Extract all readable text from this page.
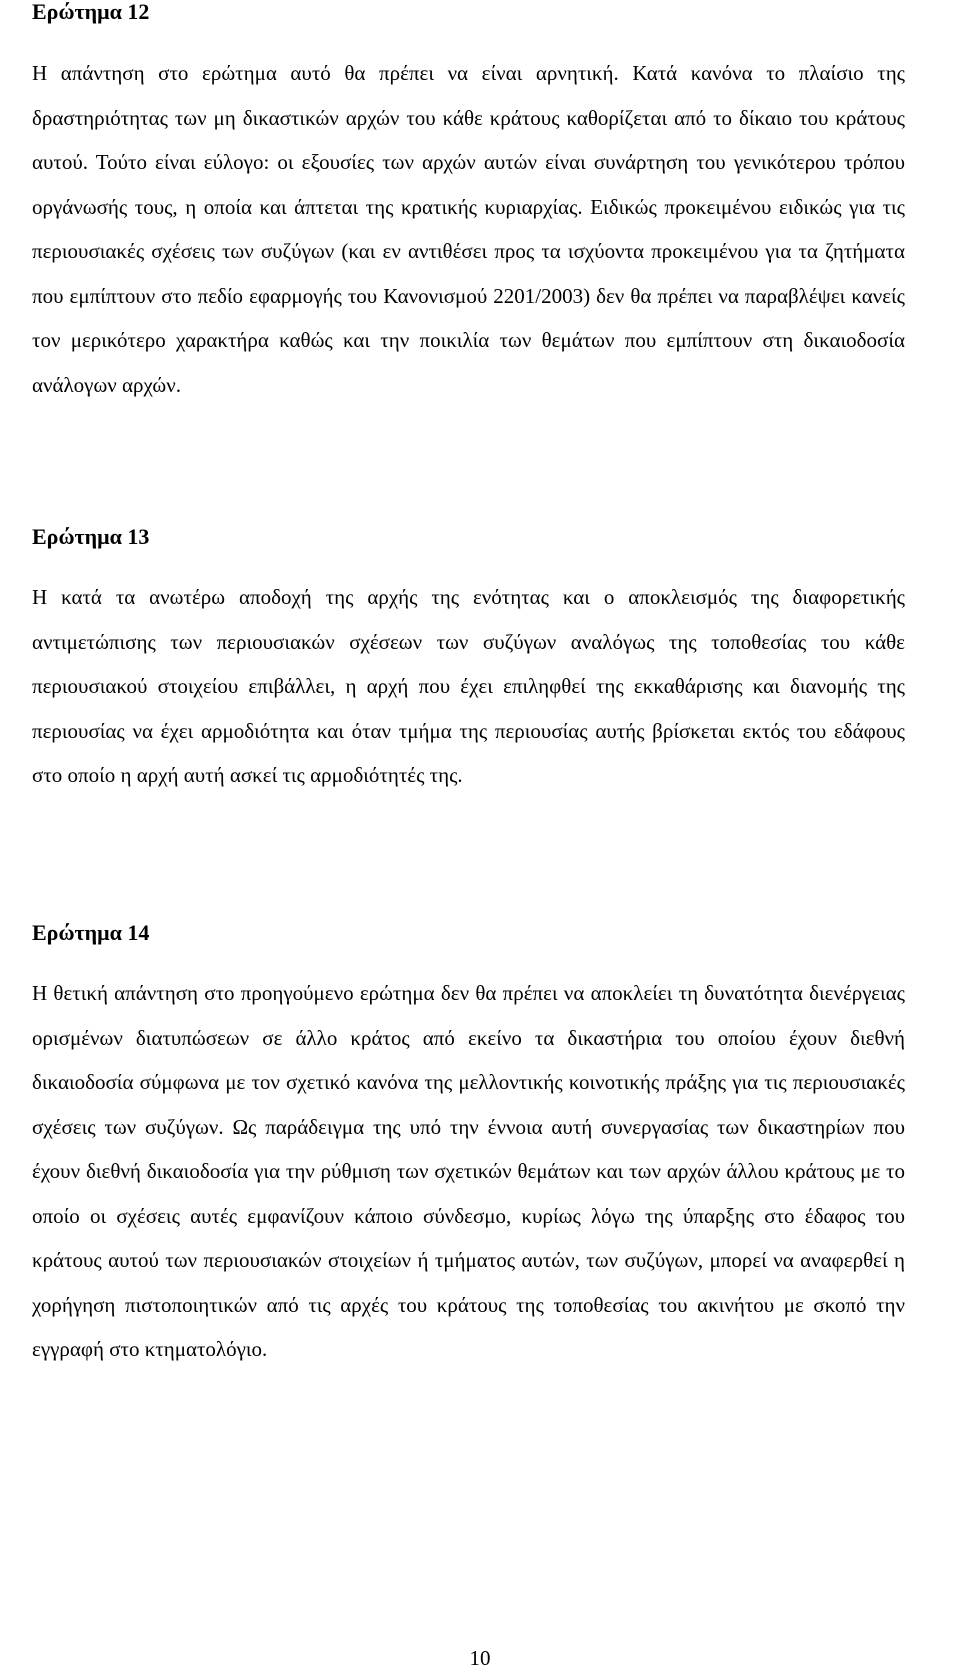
Ερώτημα 12

Η απάντηση στο ερώτημα αυτό θα πρέπει να είναι αρνητική. Κατά κανόνα το πλαίσιο της δραστηριότητας των μη δικαστικών αρχών του κάθε κράτους καθορίζεται από το δίκαιο του κράτους αυτού. Τούτο είναι εύλογο: οι εξουσίες των αρχών αυτών είναι συνάρτηση του γενικότερου τρόπου οργάνωσής τους, η οποία και άπτεται της κρατικής κυριαρχίας. Ειδικώς προκειμένου ειδικώς για τις περιουσιακές σχέσεις των συζύγων (και εν αντιθέσει προς τα ισχύοντα προκειμένου για τα ζητήματα που εμπίπτουν στο πεδίο εφαρμογής του Κανονισμού 2201/2003) δεν θα πρέπει να παραβλέψει κανείς τον μερικότερο χαρακτήρα καθώς και την ποικιλία των θεμάτων που εμπίπτουν στη δικαιοδοσία ανάλογων αρχών.

Ερώτημα 13

Η κατά τα ανωτέρω αποδοχή της αρχής της ενότητας και ο αποκλεισμός της διαφορετικής αντιμετώπισης των περιουσιακών σχέσεων των συζύγων αναλόγως της τοποθεσίας του κάθε περιουσιακού στοιχείου επιβάλλει, η αρχή που έχει επιληφθεί της εκκαθάρισης και διανομής της περιουσίας να έχει αρμοδιότητα και όταν τμήμα της περιουσίας αυτής βρίσκεται εκτός του εδάφους στο οποίο η αρχή αυτή ασκεί τις αρμοδιότητές της.

Ερώτημα 14

Η θετική απάντηση στο προηγούμενο ερώτημα δεν θα πρέπει να αποκλείει τη δυνατότητα διενέργειας ορισμένων διατυπώσεων σε άλλο κράτος από εκείνο τα δικαστήρια του οποίου έχουν διεθνή δικαιοδοσία σύμφωνα με τον σχετικό κανόνα της μελλοντικής κοινοτικής πράξης για τις περιουσιακές σχέσεις των συζύγων. Ως παράδειγμα της υπό την έννοια αυτή συνεργασίας των δικαστηρίων που έχουν διεθνή δικαιοδοσία για την ρύθμιση των σχετικών θεμάτων και των αρχών άλλου κράτους με το οποίο οι σχέσεις αυτές εμφανίζουν κάποιο σύνδεσμο, κυρίως λόγω της ύπαρξης στο έδαφος του κράτους αυτού των περιουσιακών στοιχείων ή τμήματος αυτών, των συζύγων, μπορεί να αναφερθεί η χορήγηση πιστοποιητικών από τις αρχές του κράτους της τοποθεσίας του ακινήτου με σκοπό την εγγραφή στο κτηματολόγιο.

10
